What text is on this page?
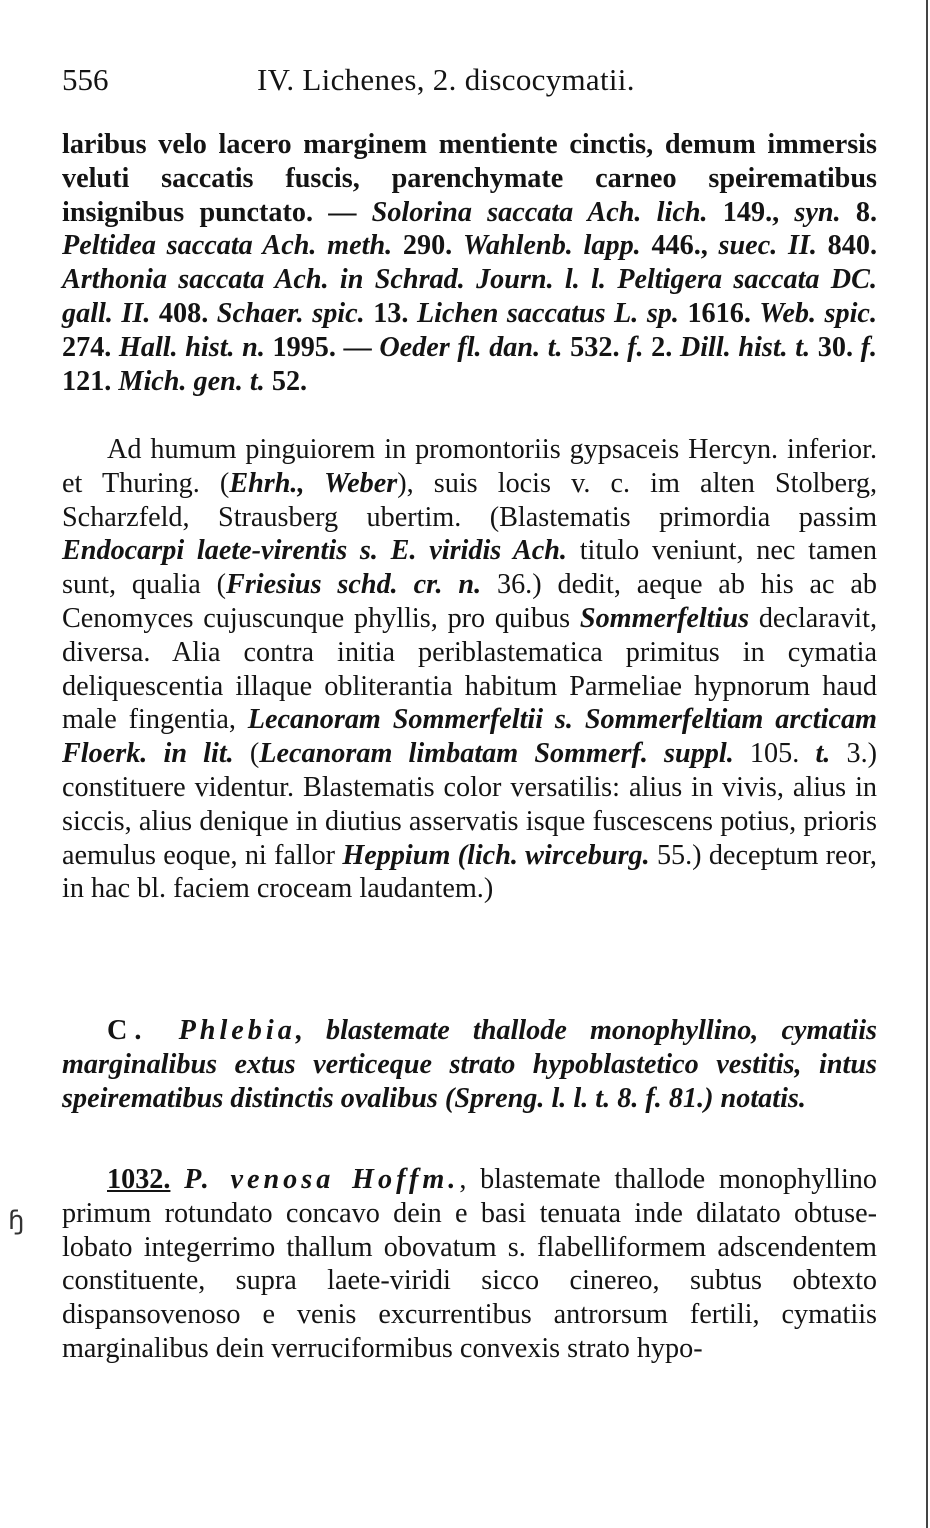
556	IV. Lichenes, 2. discocymatii.

laribus velo lacero marginem mentiente cinctis, demum immersis veluti saccatis fuscis, parenchymate carneo speirematibus insignibus punctato. — Solorina saccata Ach. lich. 149., syn. 8. Peltidea saccata Ach. meth. 290. Wahlenb. lapp. 446., suec. II. 840. Arthonia saccata Ach. in Schrad. Journ. l. l. Peltigera saccata DC. gall. II. 408. Schaer. spic. 13. Lichen saccatus L. sp. 1616. Web. spic. 274. Hall. hist. n. 1995. — Oeder fl. dan. t. 532. f. 2. Dill. hist. t. 30. f. 121. Mich. gen. t. 52.

Ad humum pinguiorem in promontoriis gypsaceis Hercyn. inferior. et Thuring. (Ehrh., Weber), suis locis v. c. im alten Stolberg, Scharzfeld, Strausberg ubertim. (Blastematis primordia passim Endocarpi laete-virentis s. E. viridis Ach. titulo veniunt, nec tamen sunt, qualia (Friesius schd. cr. n. 36.) dedit, aeque ab his ac ab Cenomyces cujuscunque phyllis, pro quibus Sommerfeltius declaravit, diversa. Alia contra initia periblastematica primitus in cymatia deliquescentia illaque obliterantia habitum Parmeliae hypnorum haud male fingentia, Lecanoram Sommerfeltii s. Sommerfeltiam arcticam Floerk. in lit. (Lecanoram limbatam Sommerf. suppl. 105. t. 3.) constituere videntur. Blastematis color versatilis: alius in vivis, alius in siccis, alius denique in diutius asservatis isque fuscescens potius, prioris aemulus eoque, ni fallor Heppium (lich. wirceburg. 55.) deceptum reor, in hac bl. faciem croceam laudantem.)

C. Phlebia, blastemate thallode monophyllino, cymatiis marginalibus extus verticeque strato hypoblastetico vestitis, intus speirematibus distinctis ovalibus (Spreng. l. l. t. 8. f. 81.) notatis.

1032. P. venosa Hoffm., blastemate thallode monophyllino primum rotundato concavo dein e basi tenuata inde dilatato obtuse-lobato integerrimo thallum obovatum s. flabelliformem adscendentem constituente, supra laete-viridi sicco cinereo, subtus obtexto dispansovenoso e venis excurrentibus antrorsum fertili, cymatiis marginalibus dein verruciformibus convexis strato hypo-

ɧ
